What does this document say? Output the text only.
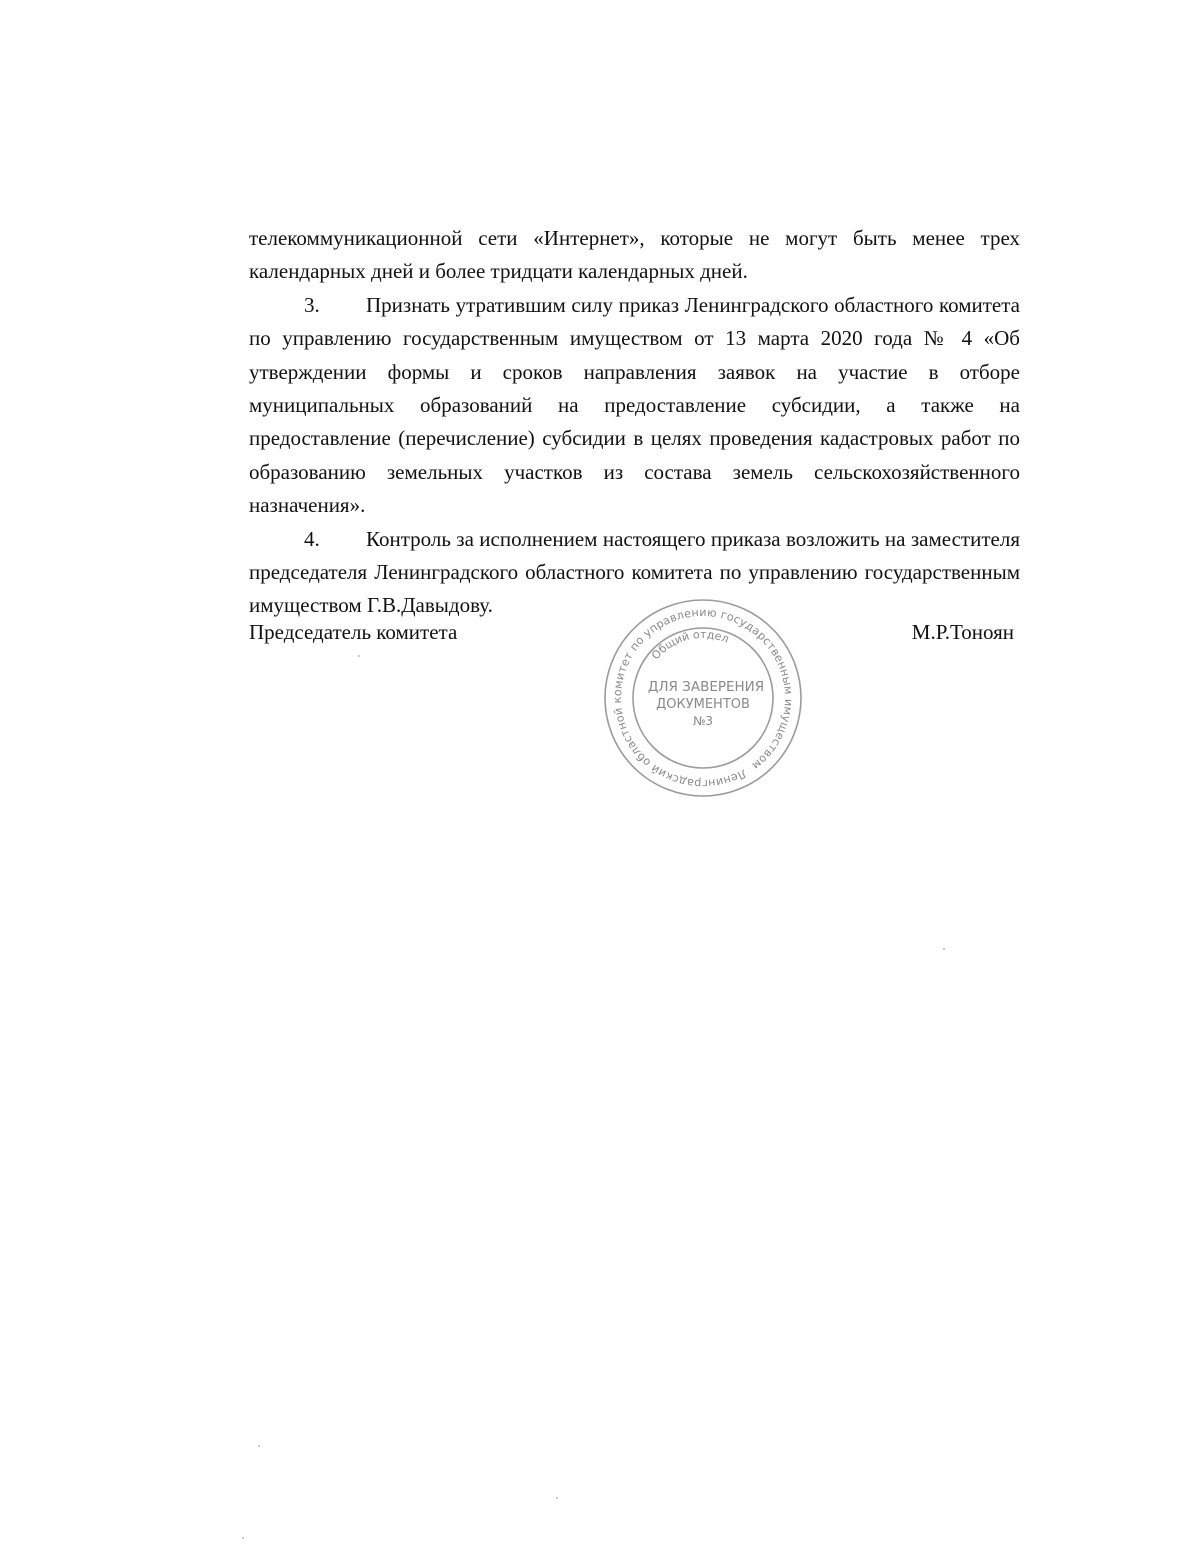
телекоммуникационной сети «Интернет», которые не могут быть менее трех календарных дней и более тридцати календарных дней.

3. Признать утратившим силу приказ Ленинградского областного комитета по управлению государственным имуществом от 13 марта 2020 года № 4 «Об утверждении формы и сроков направления заявок на участие в отборе муниципальных образований на предоставление субсидии, а также на предоставление (перечисление) субсидии в целях проведения кадастровых работ по образованию земельных участков из состава земель сельскохозяйственного назначения».

4. Контроль за исполнением настоящего приказа возложить на заместителя председателя Ленинградского областного комитета по управлению государственным имуществом Г.В.Давыдову.

Председатель комитета	М.Р.Тоноян
Ленинградский областной комитет по управлению государственным имуществом
Общий отдел
ДЛЯ ЗАВЕРЕНИЯ
ДОКУМЕНТОВ
№3
